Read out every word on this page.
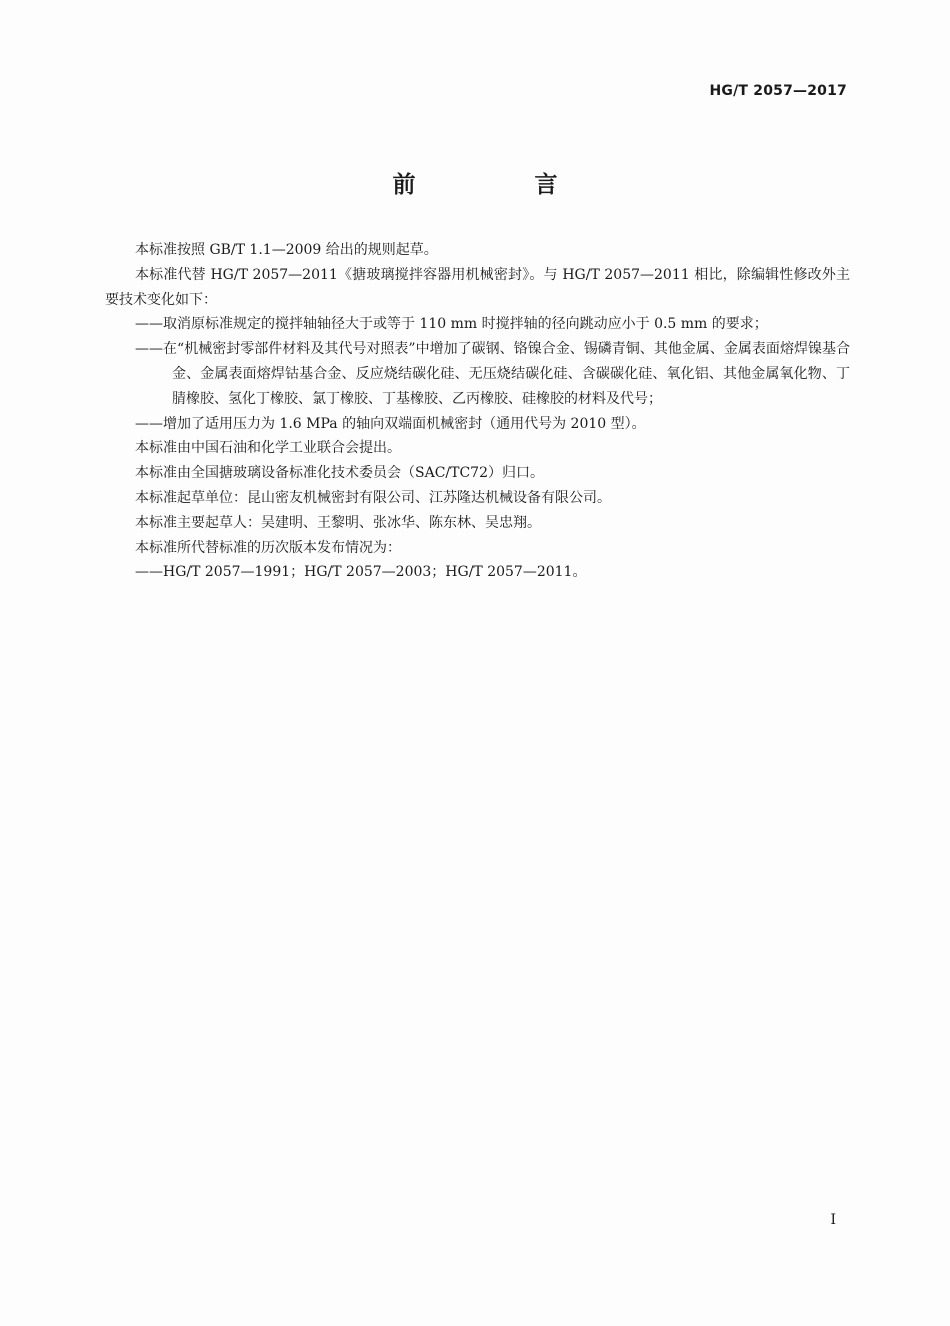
HG/T 2057—2017
前　言

本标准按照 GB/T 1.1—2009 给出的规则起草。

本标准代替 HG/T 2057—2011《搪玻璃搅拌容器用机械密封》。与 HG/T 2057—2011 相比，除编辑性修改外主要技术变化如下：

——取消原标准规定的搅拌轴轴径大于或等于 110 mm 时搅拌轴的径向跳动应小于 0.5 mm 的要求；

——在“机械密封零部件材料及其代号对照表”中增加了碳钢、铬镍合金、锡磷青铜、其他金属、金属表面熔焊镍基合金、金属表面熔焊钴基合金、反应烧结碳化硅、无压烧结碳化硅、含碳碳化硅、氧化铝、其他金属氧化物、丁腈橡胶、氢化丁橡胶、氯丁橡胶、丁基橡胶、乙丙橡胶、硅橡胶的材料及代号；

——增加了适用压力为 1.6 MPa 的轴向双端面机械密封（通用代号为 2010 型）。

本标准由中国石油和化学工业联合会提出。

本标准由全国搪玻璃设备标准化技术委员会（SAC/TC72）归口。

本标准起草单位：昆山密友机械密封有限公司、江苏隆达机械设备有限公司。

本标准主要起草人：吴建明、王黎明、张冰华、陈东林、吴忠翔。

本标准所代替标准的历次版本发布情况为：

——HG/T 2057—1991；HG/T 2057—2003；HG/T 2057—2011。

I
